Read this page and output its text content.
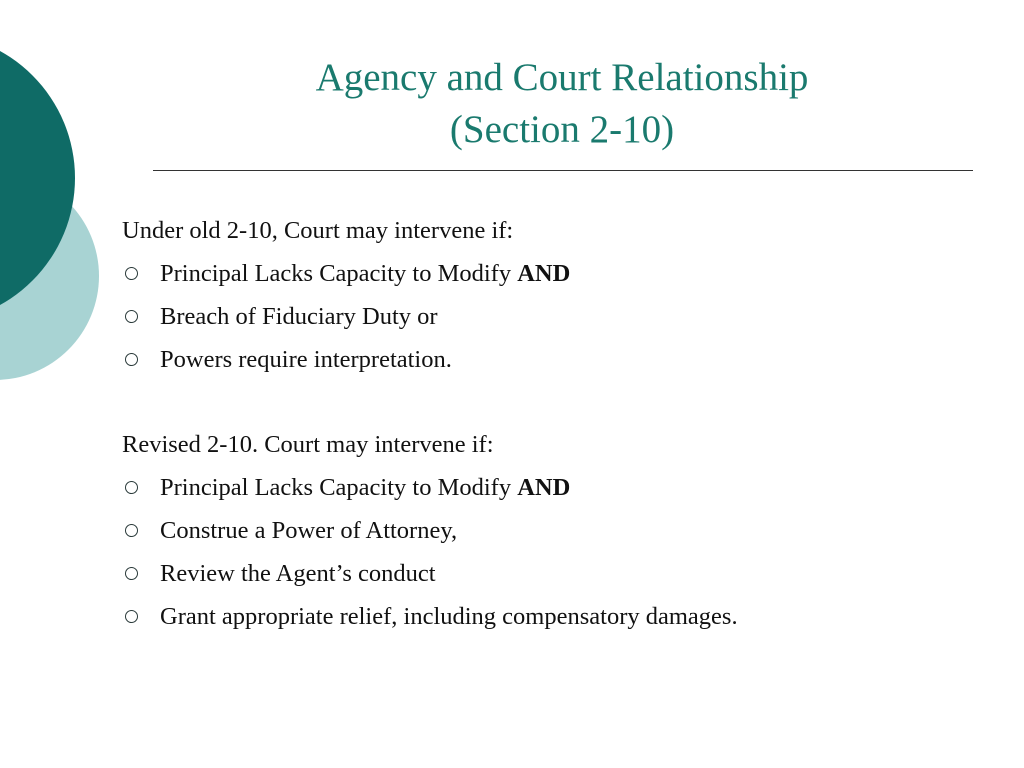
Agency and Court Relationship
(Section 2-10)
Under old 2-10, Court may intervene if:
Principal Lacks Capacity to Modify AND
Breach of Fiduciary Duty or
Powers require interpretation.
Revised 2-10. Court may intervene if:
Principal Lacks Capacity to Modify AND
Construe a Power of Attorney,
Review the Agent’s conduct
Grant appropriate relief, including compensatory damages.
